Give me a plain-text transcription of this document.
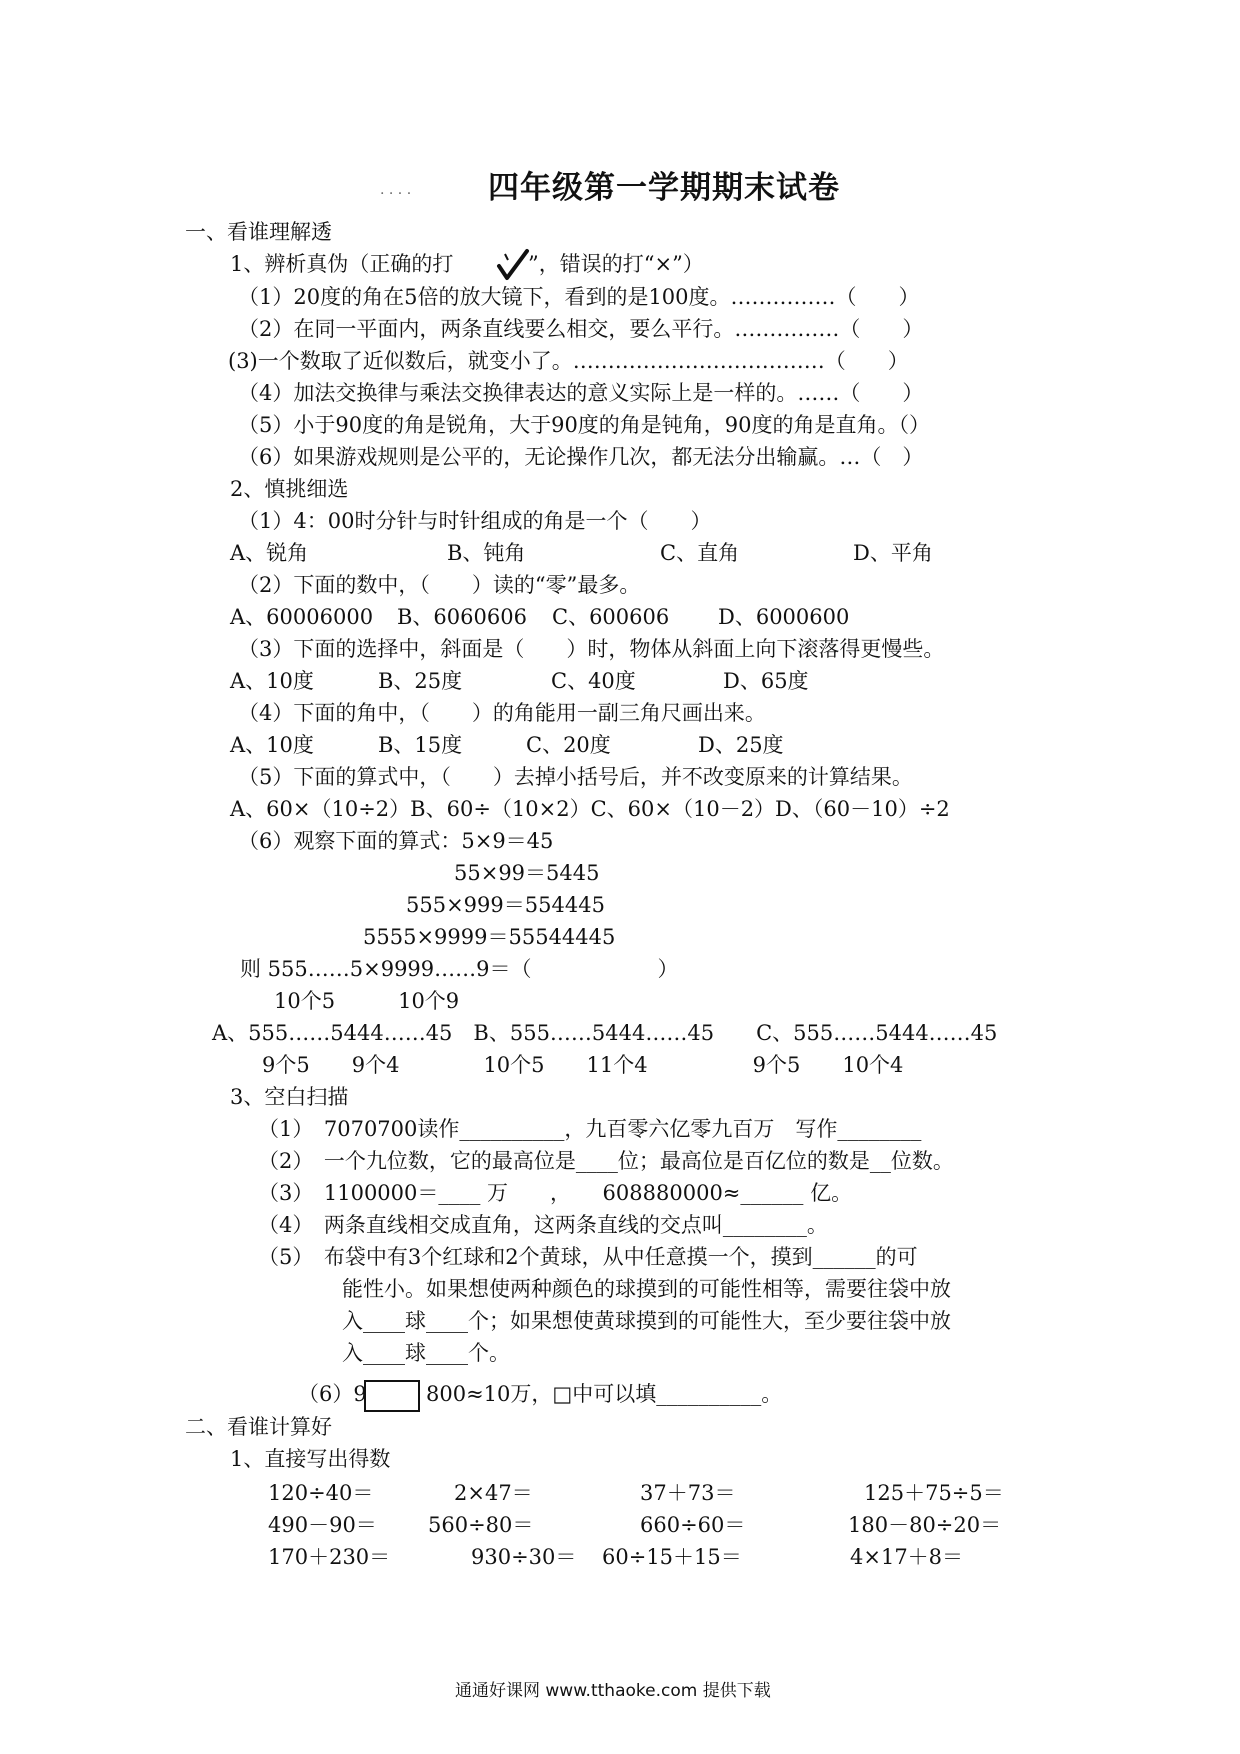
. . . . 四年级第一学期期末试卷
一、看谁理解透
1、辨析真伪（正确的打	”，错误的打“×”）
（1）20度的角在5倍的放大镜下，看到的是100度。……………（　　）
（2）在同一平面内，两条直线要么相交，要么平行。……………（　　）
(3)一个数取了近似数后，就变小了。………………………………（　　）
（4）加法交换律与乘法交换律表达的意义实际上是一样的。……（　　）
（5）小于90度的角是锐角，大于90度的角是钝角，90度的角是直角。（）
（6）如果游戏规则是公平的，无论操作几次，都无法分出输赢。…（　）
2、慎挑细选
（1）4：00时分针与时针组成的角是一个（　　）
A、锐角	B、钝角	C、直角	D、平角
（2）下面的数中，（　　）读的“零”最多。
A、60006000 B、6060606 C、600606 D、6000600
（3）下面的选择中，斜面是（　　）时，物体从斜面上向下滚落得更慢些。
A、10度	B、25度	C、40度	D、65度
（4）下面的角中，（　　）的角能用一副三角尺画出来。
A、10度	B、15度	C、20度	D、25度
（5）下面的算式中，（　　）去掉小括号后，并不改变原来的计算结果。
A、60×（10÷2）B、60÷（10×2）C、60×（10－2）D、（60－10）÷2
（6）观察下面的算式：5×9＝45
55×99＝5445
555×999＝554445
5555×9999＝55544445
则 555……5×9999……9＝（　　　　　　）
10个5　　　10个9
A、555……5444……45　B、555……5444……45　　C、555……5444……45
9个5　　9个4　　　　10个5　　11个4　　　　　9个5　　10个4
3、空白扫描
（1）　7070700读作__________，九百零六亿零九百万　写作________
（2）　一个九位数，它的最高位是____位；最高位是百亿位的数是__位数。
（3）　1100000＝____ 万　　，　　608880000≈______ 亿。
（4）　两条直线相交成直角，这两条直线的交点叫________。
（5）　布袋中有3个红球和2个黄球，从中任意摸一个，摸到______的可
　　　　能性小。如果想使两种颜色的球摸到的可能性相等，需要往袋中放
　　　　入____球____个；如果想使黄球摸到的可能性大，至少要往袋中放
　　　　入____球____个。
（6）9	800≈10万，□中可以填__________。
二、看谁计算好
1、直接写出得数
120÷40＝	2×47＝	37＋73＝	125＋75÷5＝
490－90＝ 560÷80＝	660÷60＝	180－80÷20＝
170＋230＝	930÷30＝ 60÷15＋15＝	4×17＋8＝
通通好课网 www.tthaoke.com 提供下载
